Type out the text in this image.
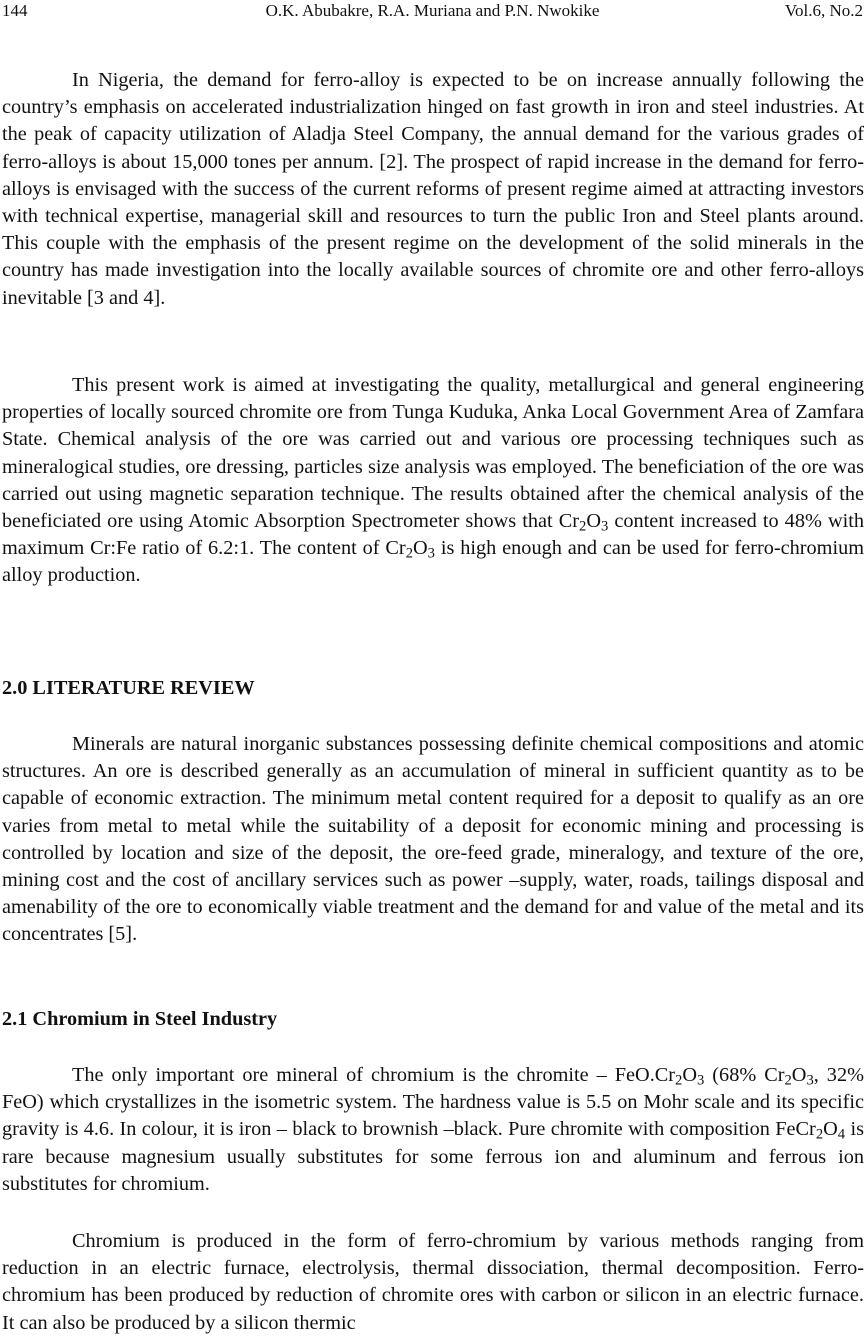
144	O.K. Abubakre, R.A. Muriana and P.N. Nwokike	Vol.6, No.2

In Nigeria, the demand for ferro-alloy is expected to be on increase annually following the country’s emphasis on accelerated industrialization hinged on fast growth in iron and steel industries. At the peak of capacity utilization of Aladja Steel Company, the annual demand for the various grades of ferro-alloys is about 15,000 tones per annum. [2]. The prospect of rapid increase in the demand for ferro-alloys is envisaged with the success of the current reforms of present regime aimed at attracting investors with technical expertise, managerial skill and resources to turn the public Iron and Steel plants around. This couple with the emphasis of the present regime on the development of the solid minerals in the country has made investigation into the locally available sources of chromite ore and other ferro-alloys inevitable [3 and 4].

This present work is aimed at investigating the quality, metallurgical and general engineering properties of locally sourced chromite ore from Tunga Kuduka, Anka Local Government Area of Zamfara State. Chemical analysis of the ore was carried out and various ore processing techniques such as mineralogical studies, ore dressing, particles size analysis was employed. The beneficiation of the ore was carried out using magnetic separation technique. The results obtained after the chemical analysis of the beneficiated ore using Atomic Absorption Spectrometer shows that $Cr_2O_3$ content increased to 48% with maximum Cr:Fe ratio of 6.2:1. The content of $Cr_2O_3$ is high enough and can be used for ferro-chromium alloy production.

2.0 LITERATURE REVIEW

Minerals are natural inorganic substances possessing definite chemical compositions and atomic structures. An ore is described generally as an accumulation of mineral in sufficient quantity as to be capable of economic extraction. The minimum metal content required for a deposit to qualify as an ore varies from metal to metal while the suitability of a deposit for economic mining and processing is controlled by location and size of the deposit, the ore-feed grade, mineralogy, and texture of the ore, mining cost and the cost of ancillary services such as power –supply, water, roads, tailings disposal and amenability of the ore to economically viable treatment and the demand for and value of the metal and its concentrates [5].

2.1 Chromium in Steel Industry

The only important ore mineral of chromium is the chromite – $FeO.Cr_2O_3$ (68% $Cr_2O_3$, 32% FeO) which crystallizes in the isometric system. The hardness value is 5.5 on Mohr scale and its specific gravity is 4.6. In colour, it is iron – black to brownish –black. Pure chromite with composition $FeCr_2O_4$ is rare because magnesium usually substitutes for some ferrous ion and aluminum and ferrous ion substitutes for chromium.

Chromium is produced in the form of ferro-chromium by various methods ranging from reduction in an electric furnace, electrolysis, thermal dissociation, thermal decomposition. Ferro-chromium has been produced by reduction of chromite ores with carbon or silicon in an electric furnace. It can also be produced by a silicon thermic
